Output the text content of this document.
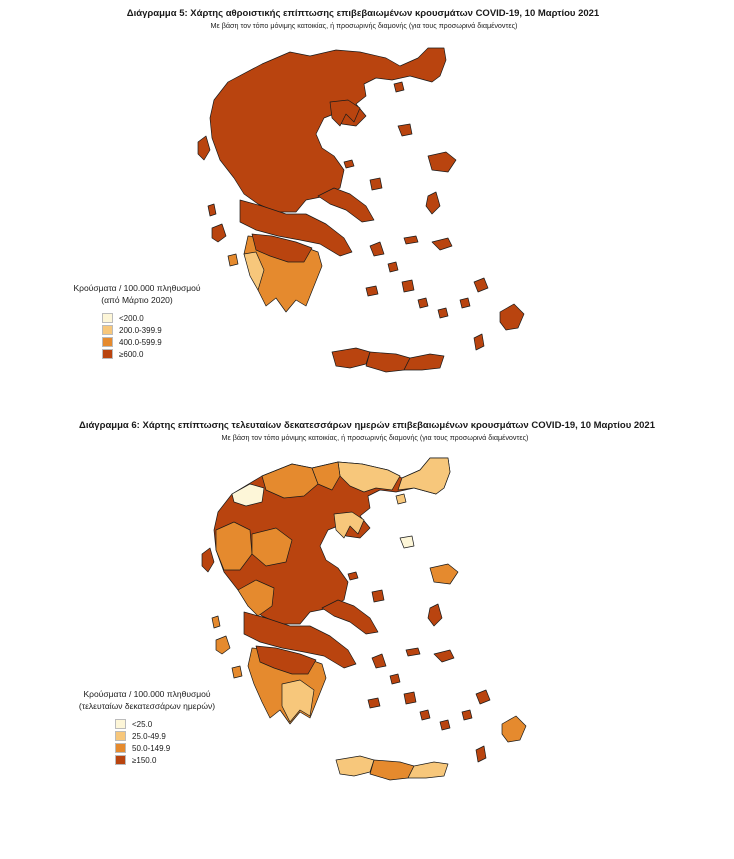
Διάγραμμα 5: Χάρτης αθροιστικής επίπτωσης επιβεβαιωμένων κρουσμάτων COVID-19, 10 Μαρτίου 2021
Με βάση τον τόπο μόνιμης κατοικίας, ή προσωρινής διαμονής (για τους προσωρινά διαμένοντες)
Κρούσματα / 100.000 πληθυσμού
(από Μάρτιο 2020)
<200.0
200.0-399.9
400.0-599.9
≥600.0
Διάγραμμα 6: Χάρτης επίπτωσης τελευταίων δεκατεσσάρων ημερών επιβεβαιωμένων κρουσμάτων COVID-19, 10 Μαρτίου 2021
Με βάση τον τόπο μόνιμης κατοικίας, ή προσωρινής διαμονής (για τους προσωρινά διαμένοντες)
Κρούσματα / 100.000 πληθυσμού
(τελευταίων δεκατεσσάρων ημερών)
<25.0
25.0-49.9
50.0-149.9
≥150.0
